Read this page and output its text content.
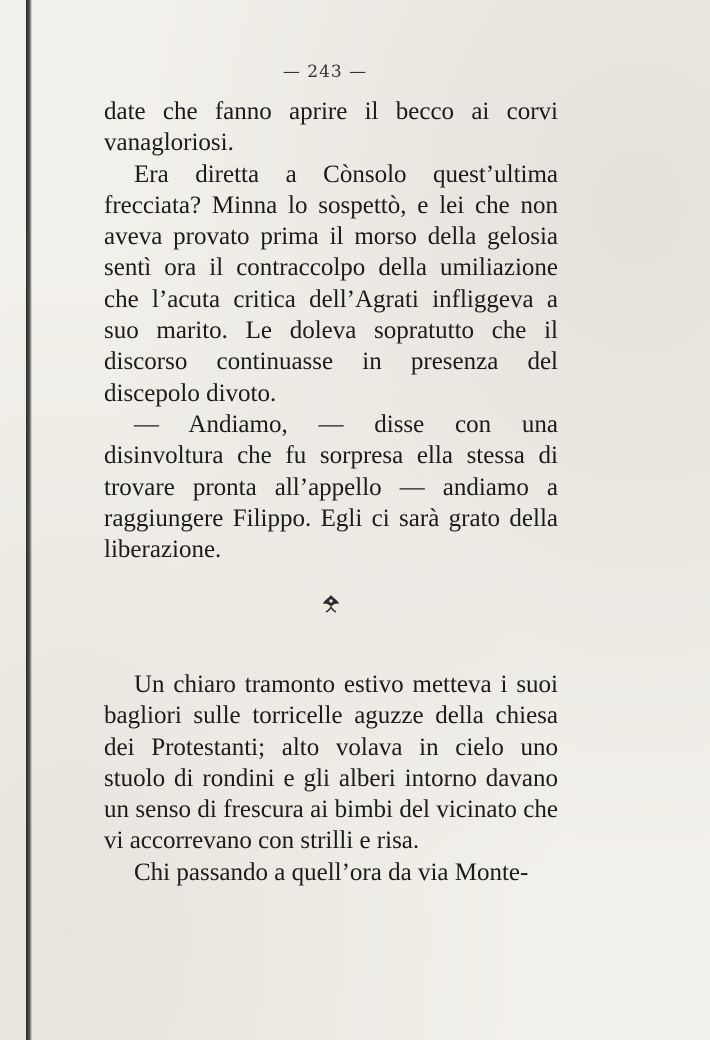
— 243 —

date che fanno aprire il becco ai corvi vanagloriosi.

Era diretta a Cònsolo quest’ultima frecciata? Minna lo sospettò, e lei che non aveva provato prima il morso della gelosia sentì ora il contraccolpo della umiliazione che l’acuta critica dell’Agrati infliggeva a suo marito. Le doleva sopratutto che il discorso continuasse in presenza del discepolo divoto.

— Andiamo, — disse con una disinvoltura che fu sorpresa ella stessa di trovare pronta all’appello — andiamo a raggiungere Filippo. Egli ci sarà grato della liberazione.

Un chiaro tramonto estivo metteva i suoi bagliori sulle torricelle aguzze della chiesa dei Protestanti; alto volava in cielo uno stuolo di rondini e gli alberi intorno davano un senso di frescura ai bimbi del vicinato che vi accorrevano con strilli e risa.

Chi passando a quell’ora da via Monte-
